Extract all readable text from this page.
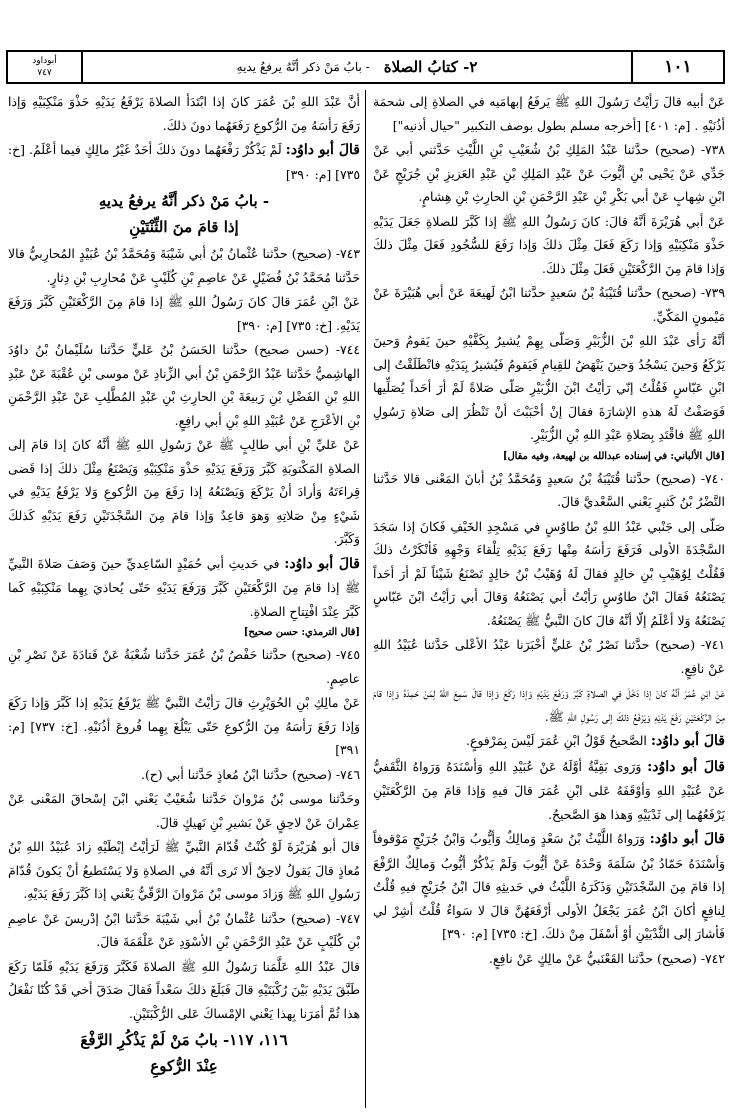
أبوداود
٧٤٧	٢- كتابُ الصلاة
- بابُ مَنْ ذكر أنَّهُ يرفعُ يديهِ	١٠١

عَنْ أبيه قالَ رَأيْتُ رَسُولَ اللهِ ﷺ يَرفَعُ إبهامَيه في الصلاةِ إلى شحمَة أذُنَيْهِ . [م: ٤٠١] [أخرجه مسلم بطول بوصف التكبير "حيال أذنيه"]

٧٣٨- (صحيح) حدَّثنا عَبْدُ المَلِكِ بْنُ شُعَيْبِ بْنِ اللَّيْثِ حَدَّثني أبي عَنْ جَدِّي عَنْ يَحْيى بْنِ أيُّوبَ عَنْ عَبْدِ المَلِكِ بْنِ عَبْدِ العَزيزِ بْنِ جُرَيْجٍ عَنْ ابْنِ شِهابٍ عَنْ أبي بَكْرِ بْنِ عَبْدِ الرَّحْمَنِ بْنِ الحارِثِ بْنِ هِشامٍ.

عَنْ أبي هُرَيْرَةَ أنَّهُ قالَ: كانَ رَسُولُ اللهِ ﷺ إذا كَبَّرَ للصلاةِ جَعَلَ يَدَيْهِ حَذْوَ مَنْكِبَيْهِ وَإذا رَكَعَ فَعَلَ مِثْلَ ذلكَ وَإذا رَفَعَ للسُّجُودِ فَعَلَ مِثْلَ ذلكَ وَإذا قامَ مِنَ الرَّكْعَتَيْنِ فَعَلَ مِثْلَ ذلكَ.

٧٣٩- (صحيح) حدَّثنا قُتَيْبَةُ بْنُ سَعيدٍ حدَّثنا ابْنُ لَهيعَةَ عَنْ أبي هُبَيْرَةَ عَنْ مَيْمونٍ المَكّيِّ.

أنَّهُ رَأى عَبْدَ اللهِ بْنَ الزُّبَيْرِ وَصَلّى بِهِمْ يُشيرُ بِكَفَّيْهِ حينَ يَقومُ وَحينَ يَرْكَعُ وَحينَ يَسْجُدُ وَحينَ يَنْهَضُ للقِيامِ فَيَقومُ فَيُشيرُ بِيَدَيْهِ فانْطَلَقْتُ إلى ابْنِ عَبّاسٍ فَقُلْتُ إنّي رَأيْتُ ابْنَ الزُّبَيْرِ صَلّى صَلاةً لَمْ أرَ أحَداً يُصَلِّيها فَوَصَفْتُ لَهُ هذهِ الإشارَةَ فقالَ إنْ أحْبَبْتَ أنْ تَنْظُرَ إلى صَلاةِ رَسُولِ اللهِ ﷺ فاقْتَدِ بِصَلاةِ عَبْدِ اللهِ بْنِ الزُّبَيْرِ.

[قال الألباني: في إسناده عبدالله بن لهيعة، وفيه مقال]

٧٤٠- (صحيح) حدَّثنا قُتَيْبَةُ بْنُ سَعيدٍ وَمُحَمَّدُ بْنُ أبانَ المَعْنى قالا حَدَّثنا النَّضْرُ بْنُ كَثيرٍ يَعْني السَّعْديَّ قالَ.

صَلّى إلى جَنْبي عَبْدُ اللهِ بْنُ طاوُسٍ في مَسْجِدِ الخَيْفِ فَكانَ إذا سَجَدَ السَّجْدَةَ الأولى فَرَفَعَ رَأسَهُ مِنْها رَفَعَ يَدَيْهِ تِلْقاءَ وَجْهِهِ فَأنْكَرْتُ ذلكَ فَقُلْتُ لِوُهَيْبِ بْنِ خالِدٍ فقالَ لَهُ وُهَيْبُ بْنُ خالِدٍ تَصْنَعُ شَيْئاً لَمْ أرَ أحَداً يَصْنَعُهُ فَقالَ ابْنُ طاوُسٍ رَأيْتُ أبي يَصْنَعُهُ وَقالَ أبي رَأيْتُ ابْنَ عَبّاسٍ يَصْنَعُهُ وَلا أعْلَمُ إلّا أنَّهُ قالَ كانَ النَّبيُّ ﷺ يَصْنَعُهُ.

٧٤١- (صحيح) حدَّثنا نَصْرُ بْنُ عَليٍّ أخْبَرَنا عَبْدُ الأعْلى حَدَّثنا عُبَيْدُ اللهِ عَنْ نافِعٍ.

عَنْ ابْنِ عُمَرَ أنَّهُ كانَ إذا دَخَلَ في الصلاةِ كَبَّرَ وَرَفَعَ يَدَيْهِ وَإذا رَكَعَ وَإذا قالَ سَمِعَ اللهُ لِمَنْ حَمِدَهُ وَإذا قامَ مِنَ الرَّكْعَتَيْنِ رَفَعَ يَدَيْهِ وَيَرْفَعُ ذلكَ إلى رَسُولِ اللهِ ﷺ.

قالَ أبو داوُد: الصَّحيحُ قَوْلُ ابْنِ عُمَرَ لَيْسَ بِمَرْفوعٍ.

قالَ أبو داوُد: وَرَوى بَقِيَّةُ أوَّلَهُ عَنْ عُبَيْدِ اللهِ وَأسْنَدَهُ وَرَواهُ الثَّقَفيُّ عَنْ عُبَيْدِ اللهِ وَأوْقَفَهُ عَلى ابْنِ عُمَرَ قالَ فيهِ وَإذا قامَ مِنَ الرَّكْعَتَيْنِ يَرْفَعُهُما إلى ثَدْيَيْهِ وَهذا هوَ الصَّحيحُ.

قالَ أبو داوُد: وَرَواهُ اللَّيْثُ بْنُ سَعْدٍ وَمالِكٌ وَأيُّوبُ وَابْنُ جُرَيْجٍ مَوْقوفاً وَأسْنَدَهُ حَمّادُ بْنُ سَلَمَةَ وَحْدَهُ عَنْ أيُّوبَ وَلَمْ يَذْكُرْ أيُّوبُ وَمالِكٌ الرَّفْعَ إذا قامَ مِنَ السَّجْدَتَيْنِ وَذَكَرَهُ اللَّيْثُ في حَديثِهِ قالَ ابْنُ جُرَيْجٍ فيهِ قُلْتُ لِنافِعٍ أكانَ ابْنُ عُمَرَ يَجْعَلُ الأولى أرْفَعَهُنَّ قالَ لا سَواءٌ قُلْتُ أشِرْ لي فَأشارَ إلى الثَّدْيَيْنِ أوْ أسْفَلَ مِنْ ذلكَ. [خ: ٧٣٥] [م: ٣٩٠]

٧٤٢- (صحيح) حدَّثنا القَعْنَبيُّ عَنْ مالِكٍ عَنْ نافِعٍ.

أنَّ عَبْدَ اللهِ بْنَ عُمَرَ كانَ إذا ابْتَدَأ الصلاةَ يَرْفَعُ يَدَيْهِ حَذْوَ مَنْكِبَيْهِ وَإذا رَفَعَ رَأسَهُ مِنَ الرُّكوعِ رَفَعَهُما دونَ ذلكَ.

قالَ أبو داوُد: لَمْ يَذْكُرْ رَفْعَهُما دونَ ذلكَ أحَدٌ غَيْرُ مالِكٍ فيما أعْلَمُ. [خ: ٧٣٥] [م: ٣٩٠]

- بابُ مَنْ ذكر أنَّهُ يرفعُ يديهِ
إذا قامَ منَ الثِّنْتَيْنِ

٧٤٣- (صحيح) حدَّثنا عُثْمانُ بْنُ أبي شَيْبَةَ وَمُحَمَّدُ بْنُ عُبَيْدٍ المُحارِبيُّ قالا حَدَّثنا مُحَمَّدُ بْنُ فُضَيْلٍ عَنْ عاصِمِ بْنِ كُلَيْبٍ عَنْ مُحارِبِ بْنِ دِثارٍ.

عَنْ ابْنِ عُمَرَ قالَ كانَ رَسُولُ اللهِ ﷺ إذا قامَ مِنَ الرَّكْعَتَيْنِ كَبَّرَ وَرَفَعَ يَدَيْهِ. [خ: ٧٣٥] [م: ٣٩٠]

٧٤٤- (حسن صحيح) حدَّثنا الحَسَنُ بْنُ عَليٍّ حَدَّثنا سُلَيْمانُ بْنُ داوُدَ الهاشِميُّ حَدَّثنا عَبْدُ الرَّحْمَنِ بْنُ أبي الزِّنادِ عَنْ موسى بْنِ عُقْبَةَ عَنْ عَبْدِ اللهِ بْنِ الفَضْلِ بْنِ رَبيعَةَ بْنِ الحارِثِ بْنِ عَبْدِ المُطَّلِبِ عَنْ عَبْدِ الرَّحْمَنِ بْنِ الأعْرَجِ عَنْ عُبَيْدِ اللهِ بْنِ أبي رافِعٍ.

عَنْ عَليِّ بْنِ أبي طالِبٍ ﷺ عَنْ رَسُولِ اللهِ ﷺ أنَّهُ كانَ إذا قامَ إلى الصلاةِ المَكْتوبَةِ كَبَّرَ وَرَفَعَ يَدَيْهِ حَذْوَ مَنْكِبَيْهِ وَيَصْنَعُ مِثْلَ ذلكَ إذا قَضى قِراءَتَهُ وَأرادَ أنْ يَرْكَعَ وَيَصْنَعُهُ إذا رَفَعَ مِنَ الرُّكوعِ وَلا يَرْفَعُ يَدَيْهِ في شَيْءٍ مِنْ صَلاتِهِ وَهوَ قاعِدٌ وَإذا قامَ مِنَ السَّجْدَتَيْنِ رَفَعَ يَدَيْهِ كَذلكَ وَكَبَّرَ.

قالَ أبو داوُد: في حَديثِ أبي حُمَيْدٍ السّاعِديِّ حينَ وَصَفَ صَلاةَ النَّبيِّ ﷺ إذا قامَ مِنَ الرَّكْعَتَيْنِ كَبَّرَ وَرَفَعَ يَدَيْهِ حَتّى يُحاذيَ بِهِما مَنْكِبَيْهِ كَما كَبَّرَ عِنْدَ افْتِتاحِ الصلاةِ.

[قال الترمذي: حسن صحيح]

٧٤٥- (صحيح) حدَّثنا حَفْصُ بْنُ عُمَرَ حَدَّثنا شُعْبَةُ عَنْ قَتادَةَ عَنْ نَصْرِ بْنِ عاصِمٍ.

عَنْ مالِكِ بْنِ الحُوَيْرِثِ قالَ رَأيْتُ النَّبيَّ ﷺ يَرْفَعُ يَدَيْهِ إذا كَبَّرَ وَإذا رَكَعَ وَإذا رَفَعَ رَأسَهُ مِنَ الرُّكوعِ حَتّى يَبْلُغَ بِهِما فُروعَ أذُنَيْهِ. [خ: ٧٣٧] [م: ٣٩١]

٧٤٦- (صحيح) حدَّثنا ابْنُ مُعاذٍ حَدَّثنا أبي (ح).

وحَدَّثنا موسى بْنُ مَرْوانَ حَدَّثنا شُعَيْبٌ يَعْني ابْنَ إسْحاقَ المَعْنى عَنْ عِمْرانَ عَنْ لاحِقٍ عَنْ بَشيرِ بْنِ نَهيكٍ قالَ.

قالَ أبو هُرَيْرَةَ لَوْ كُنْتُ قُدّامَ النَّبيِّ ﷺ لَرَأيْتُ إبْطَيْهِ زادَ عُبَيْدُ اللهِ بْنُ مُعاذٍ قالَ يَقولُ لاحِقٌ ألا تَرى أنَّهُ في الصلاةِ وَلا يَسْتَطيعُ أنْ يَكونَ قُدّامَ رَسُولِ اللهِ ﷺ وَزادَ موسى بْنُ مَرْوانَ الرَّقّيُّ يَعْني إذا كَبَّرَ رَفَعَ يَدَيْهِ.

٧٤٧- (صحيح) حدَّثنا عُثْمانُ بْنُ أبي شَيْبَةَ حَدَّثنا ابْنُ إدْريسَ عَنْ عاصِمِ بْنِ كُلَيْبٍ عَنْ عَبْدِ الرَّحْمَنِ بْنِ الأسْوَدِ عَنْ عَلْقَمَةَ قالَ.

قالَ عَبْدُ اللهِ عَلَّمَنا رَسُولُ اللهِ ﷺ الصلاةَ فَكَبَّرَ وَرَفَعَ يَدَيْهِ فَلَمّا رَكَعَ طَبَّقَ يَدَيْهِ بَيْنَ رُكْبَتَيْهِ قالَ فَبَلَغَ ذلكَ سَعْداً فَقالَ صَدَقَ أخي قَدْ كُنّا نَفْعَلُ هذا ثُمَّ أمَرَنا بِهذا يَعْني الإمْساكَ عَلى الرُّكْبَتَيْنِ.

١١٦، ١١٧- بابُ مَنْ لَمْ يَذْكُرِ الرَّفْعَ
عِنْدَ الرُّكوعِ
